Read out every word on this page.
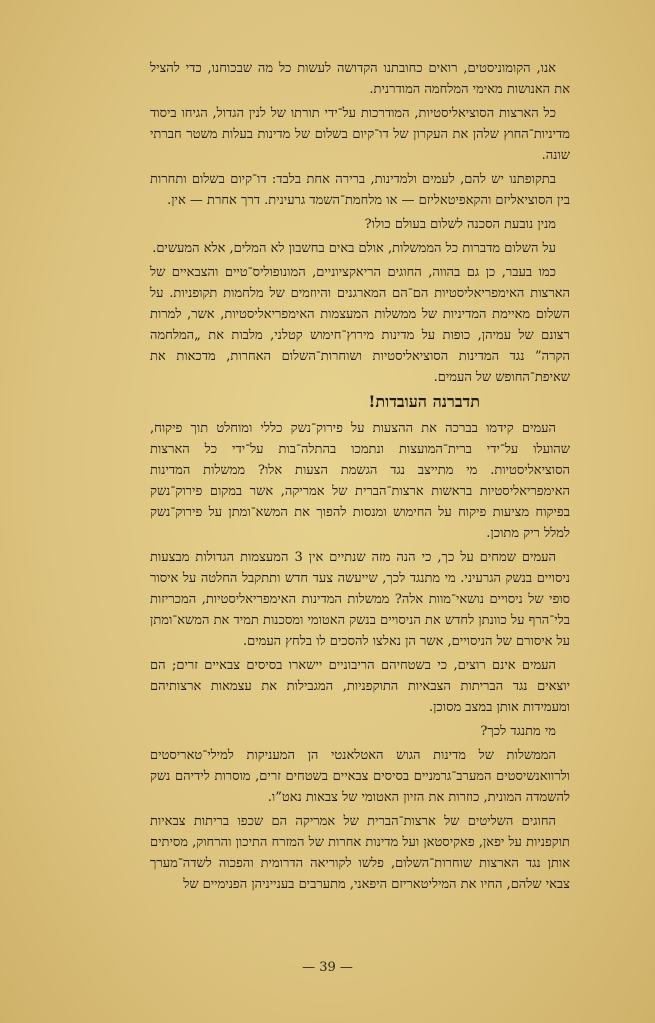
אנו, הקומוניסטים, רואים כחובתנו הקדושה לעשות כל מה שבכוחנו, כדי להציל את האנושות מאימי המלחמה המודרנית.

כל הארצות הסוציאליסטיות, המודרכות על־ידי תורתו של לנין הגדול, הגיחו ביסוד מדיניות־החוץ שלהן את העקרון של דו־קיום בשלום של מדינות בעלות משטר חברתי שונה.

בתקופתנו יש להם, לעמים ולמדינות, ברירה אחת בלבד: דו־קיום בשלום ותחרות בין הסוציאליזם והקאפיטאליזם — או מלחמת־השמד גרעינית. דרך אחרת — אין.

מנין נובעת הסכנה לשלום בעולם כולו?

על השלום מדברות כל הממשלות, אולם באים בחשבון לא המלים, אלא המעשים.

כמו בעבר, כן גם בהווה, החוגים הריאקציוניים, המונופוליס־טיים והצבאיים של הארצות האימפריאליסטיות הם־הם המארגנים והיוזמים של מלחמות תקופניות. על השלום מאיימת המדיניות של ממשלות המעצמות האימפריאליסטיות, אשר, למרות רצונם של עמיהן, כופות על מדינות מירוץ־חימוש קטלני, מלבות את „המלחמה הקרה” נגד המדינות הסוציאליסטיות ושוחרות־השלום האחרות, מדכאות את שאיפת־החופש של העמים.

תדברנה העובדות!

העמים קידמו בברכה את ההצעות על פירוק־נשק כללי ומוחלט תוך פיקוח, שהועלו על־ידי ברית־המועצות ונתמכו בהתלה־בות על־ידי כל הארצות הסוציאליסטיות. מי מתייצב נגד הגשמת הצעות אלו? ממשלות המדינות האימפריאליסטיות בראשות ארצות־הברית של אמריקה, אשר במקום פירוק־נשק בפיקוח מציעות פיקוח על החימוש ומנסות להפוך את המשא־ומתן על פירוק־נשק למלל ריק מתוכן.

העמים שמחים על כך, כי הנה מזה שנתיים אין 3 המעצמות הגדולות מבצעות ניסויים בנשק הגרעיני. מי מתנגד לכך, שייעשה צעד חדש ותתקבל החלטה על איסור סופי של ניסויים נושאי־מוות אלה? ממשלות המדינות האימפריאליסטיות, המכריזות בלי־הרף על כוונתן לחדש את הניסויים בנשק האטומי ומסכנות תמיד את המשא־ומתן על איסורם של הניסויים, אשר הן נאלצו להסכים לו בלחץ העמים.

העמים אינם רוצים, כי בשטחיהם הריבוניים יישארו בסיסים צבאיים זרים; הם יוצאים נגד הבריתות הצבאיות התוקפניות, המגבילות את עצמאות ארצותיהם ומעמידות אותן במצב מסוכן.

מי מתנגד לכך?

הממשלות של מדינות הגוש האטלאנטי הן המעניקות למילי־טאריסטים ולרוואנשיסטים המערב־גרמניים בסיסים צבאיים בשטחים זרים, מוסרות לידיהם נשק להשמדה המונית, כוזרות את הזיון האטומי של צבאות נאט”ו.

החוגים השליטים של ארצות־הברית של אמריקה הם שכפו בריתות צבאיות תוקפניות על יפאן, פאקיסטאן ועל מדינות אחרות של המזרח התיכון והרחוק, מסיתים אותן נגד הארצות שוחרות־השלום, פלשו לקוריאה הדרומית והפכוה לשדה־מערך צבאי שלהם, החיו את המיליטאריזם היפאני, מתערבים בענייניהן הפנימיים של

— 39 —
